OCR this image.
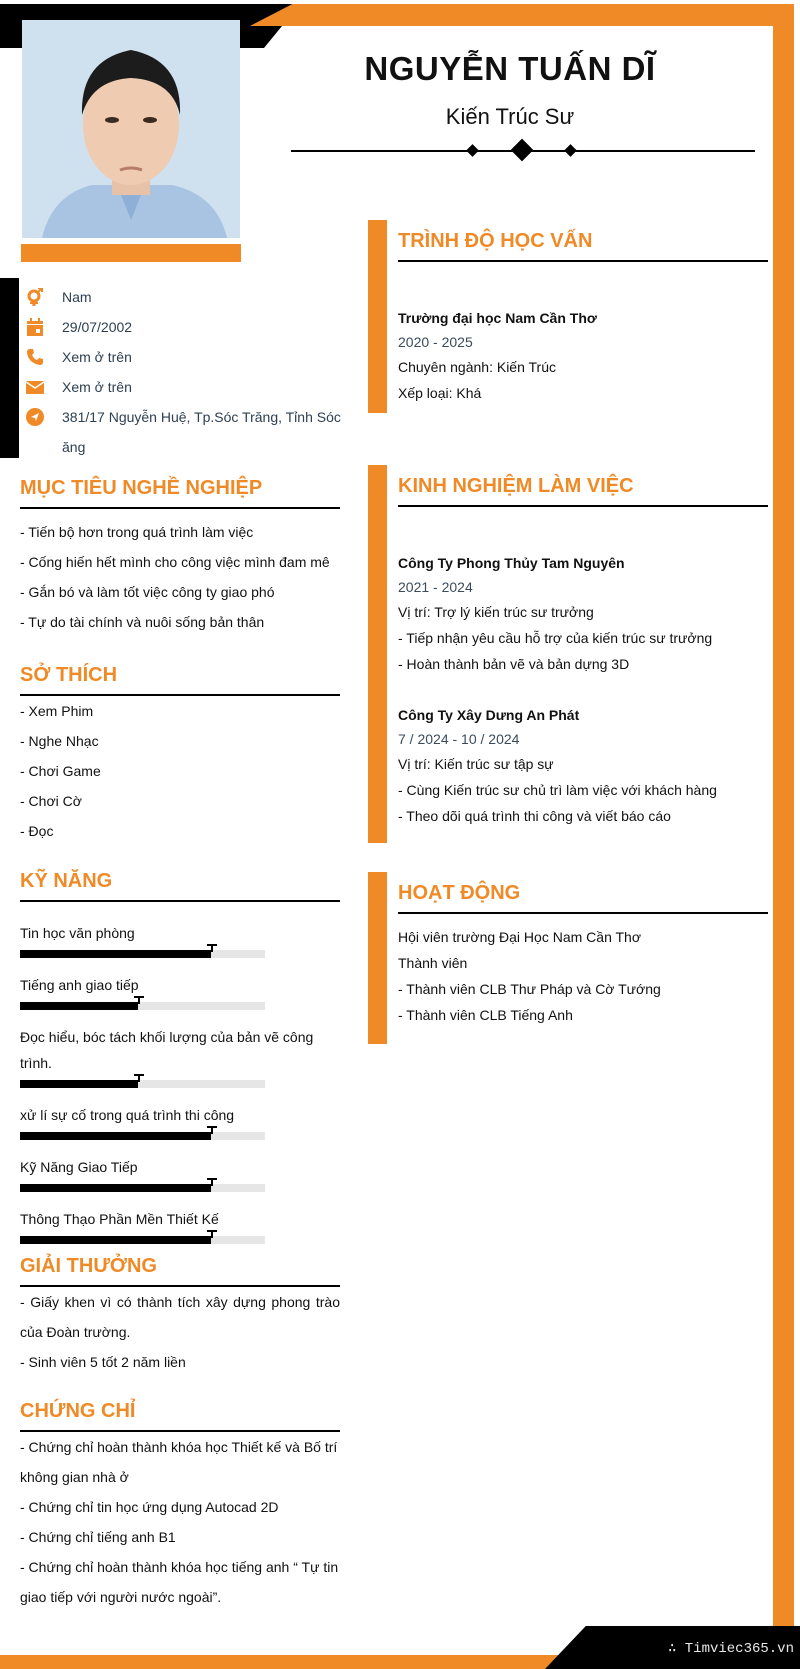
∴ Timviec365.vn
NGUYỄN TUẤN DĨ
Kiến Trúc Sư
Nam
29/07/2002
Xem ở trên
Xem ở trên
381/17 Nguyễn Huệ, Tp.Sóc Trăng, Tỉnh Sóc ăng
MỤC TIÊU NGHỀ NGHIỆP
- Tiến bộ hơn trong quá trình làm việc
- Cống hiến hết mình cho công việc mình đam mê
- Gắn bó và làm tốt việc công ty giao phó
- Tự do tài chính và nuôi sống bản thân
SỞ THÍCH
- Xem Phim
- Nghe Nhạc
- Chơi Game
- Chơi Cờ
- Đọc
KỸ NĂNG
Tin học văn phòng
Tiếng anh giao tiếp
Đọc hiểu, bóc tách khối lượng của bản vẽ công trình.
xử lí sự cố trong quá trình thi công
Kỹ Năng Giao Tiếp
Thông Thạo Phần Mền Thiết Kế
GIẢI THƯỞNG
- Giấy khen vì có thành tích xây dựng phong trào của Đoàn trường.
- Sinh viên 5 tốt 2 năm liền
CHỨNG CHỈ
- Chứng chỉ hoàn thành khóa học Thiết kế và Bố trí không gian nhà ở
- Chứng chỉ tin học ứng dụng Autocad 2D
- Chứng chỉ tiếng anh B1
- Chứng chỉ hoàn thành khóa học tiếng anh “ Tự tin giao tiếp với người nước ngoài”.
TRÌNH ĐỘ HỌC VẤN
Trường đại học Nam Cần Thơ
2020 - 2025
Chuyên ngành: Kiến Trúc
Xếp loại: Khá
KINH NGHIỆM LÀM VIỆC
Công Ty Phong Thủy Tam Nguyên
2021 - 2024
Vị trí: Trợ lý kiến trúc sư trưởng
- Tiếp nhận yêu cầu hỗ trợ của kiến trúc sư trưởng
- Hoàn thành bản vẽ và bản dựng 3D
Công Ty Xây Dưng An Phát
7 / 2024 - 10 / 2024
Vị trí: Kiến trúc sư tập sự
- Cùng Kiến trúc sư chủ trì làm việc với khách hàng
- Theo dõi quá trình thi công và viết báo cáo
HOẠT ĐỘNG
Hội viên trường Đại Học Nam Cần Thơ
Thành viên
- Thành viên CLB Thư Pháp và Cờ Tướng
- Thành viên CLB Tiếng Anh
